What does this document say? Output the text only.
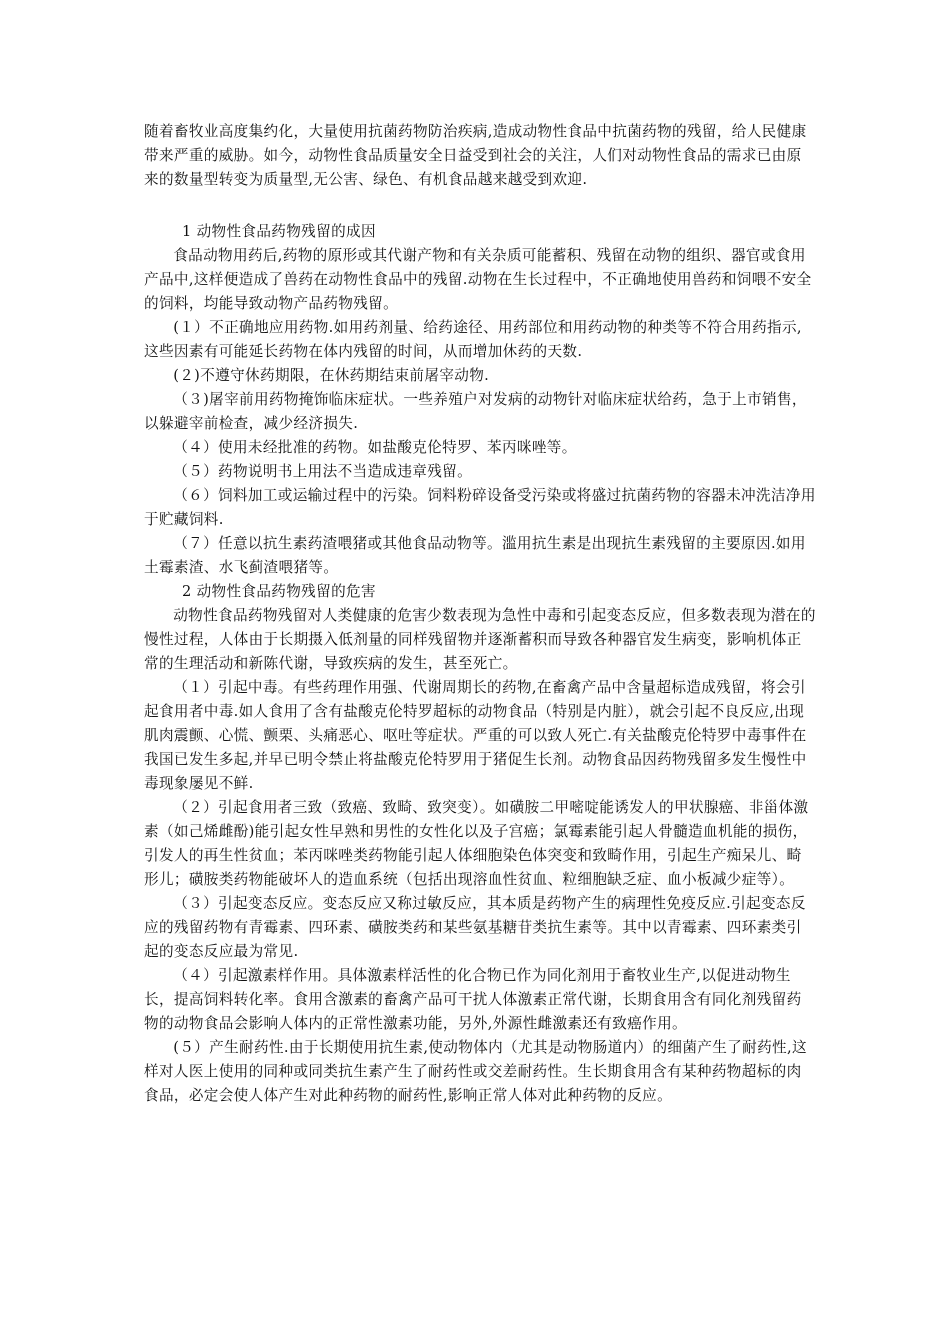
随着畜牧业高度集约化，大量使用抗菌药物防治疾病,造成动物性食品中抗菌药物的残留，给人民健康带来严重的威胁。如今，动物性食品质量安全日益受到社会的关注，人们对动物性食品的需求已由原来的数量型转变为质量型,无公害、绿色、有机食品越来越受到欢迎.

1 动物性食品药物残留的成因

食品动物用药后,药物的原形或其代谢产物和有关杂质可能蓄积、残留在动物的组织、器官或食用产品中,这样便造成了兽药在动物性食品中的残留.动物在生长过程中，不正确地使用兽药和饲喂不安全的饲料，均能导致动物产品药物残留。

(１）不正确地应用药物.如用药剂量、给药途径、用药部位和用药动物的种类等不符合用药指示,这些因素有可能延长药物在体内残留的时间，从而增加休药的天数.

(２)不遵守休药期限，在休药期结束前屠宰动物.

（３)屠宰前用药物掩饰临床症状。一些养殖户对发病的动物针对临床症状给药，急于上市销售，以躲避宰前检查，减少经济损失.

（４）使用未经批准的药物。如盐酸克伦特罗、苯丙咪唑等。

（５）药物说明书上用法不当造成违章残留。

（６）饲料加工或运输过程中的污染。饲料粉碎设备受污染或将盛过抗菌药物的容器未冲洗洁净用于贮藏饲料.

（７）任意以抗生素药渣喂猪或其他食品动物等。滥用抗生素是出现抗生素残留的主要原因.如用土霉素渣、水飞蓟渣喂猪等。

2 动物性食品药物残留的危害

动物性食品药物残留对人类健康的危害少数表现为急性中毒和引起变态反应，但多数表现为潜在的慢性过程，人体由于长期摄入低剂量的同样残留物并逐渐蓄积而导致各种器官发生病变，影响机体正常的生理活动和新陈代谢，导致疾病的发生，甚至死亡。

（１）引起中毒。有些药理作用强、代谢周期长的药物,在畜禽产品中含量超标造成残留，将会引起食用者中毒.如人食用了含有盐酸克伦特罗超标的动物食品（特别是内脏），就会引起不良反应,出现肌肉震颤、心慌、颤栗、头痛恶心、呕吐等症状。严重的可以致人死亡.有关盐酸克伦特罗中毒事件在我国已发生多起,并早已明令禁止将盐酸克伦特罗用于猪促生长剂。动物食品因药物残留多发生慢性中毒现象屡见不鲜.

（２）引起食用者三致（致癌、致畸、致突变）。如磺胺二甲嘧啶能诱发人的甲状腺癌、非甾体激素（如己烯雌酚)能引起女性早熟和男性的女性化以及子宫癌；氯霉素能引起人骨髓造血机能的损伤，引发人的再生性贫血；苯丙咪唑类药物能引起人体细胞染色体突变和致畸作用，引起生产痴呆儿、畸形儿；磺胺类药物能破坏人的造血系统（包括出现溶血性贫血、粒细胞缺乏症、血小板减少症等）。

（３）引起变态反应。变态反应又称过敏反应，其本质是药物产生的病理性免疫反应.引起变态反应的残留药物有青霉素、四环素、磺胺类药和某些氨基糖苷类抗生素等。其中以青霉素、四环素类引起的变态反应最为常见.

（４）引起激素样作用。具体激素样活性的化合物已作为同化剂用于畜牧业生产,以促进动物生长，提高饲料转化率。食用含激素的畜禽产品可干扰人体激素正常代谢，长期食用含有同化剂残留药物的动物食品会影响人体内的正常性激素功能，另外,外源性雌激素还有致癌作用。

(５）产生耐药性.由于长期使用抗生素,使动物体内（尤其是动物肠道内）的细菌产生了耐药性,这样对人医上使用的同种或同类抗生素产生了耐药性或交差耐药性。生长期食用含有某种药物超标的肉食品，必定会使人体产生对此种药物的耐药性,影响正常人体对此种药物的反应。
